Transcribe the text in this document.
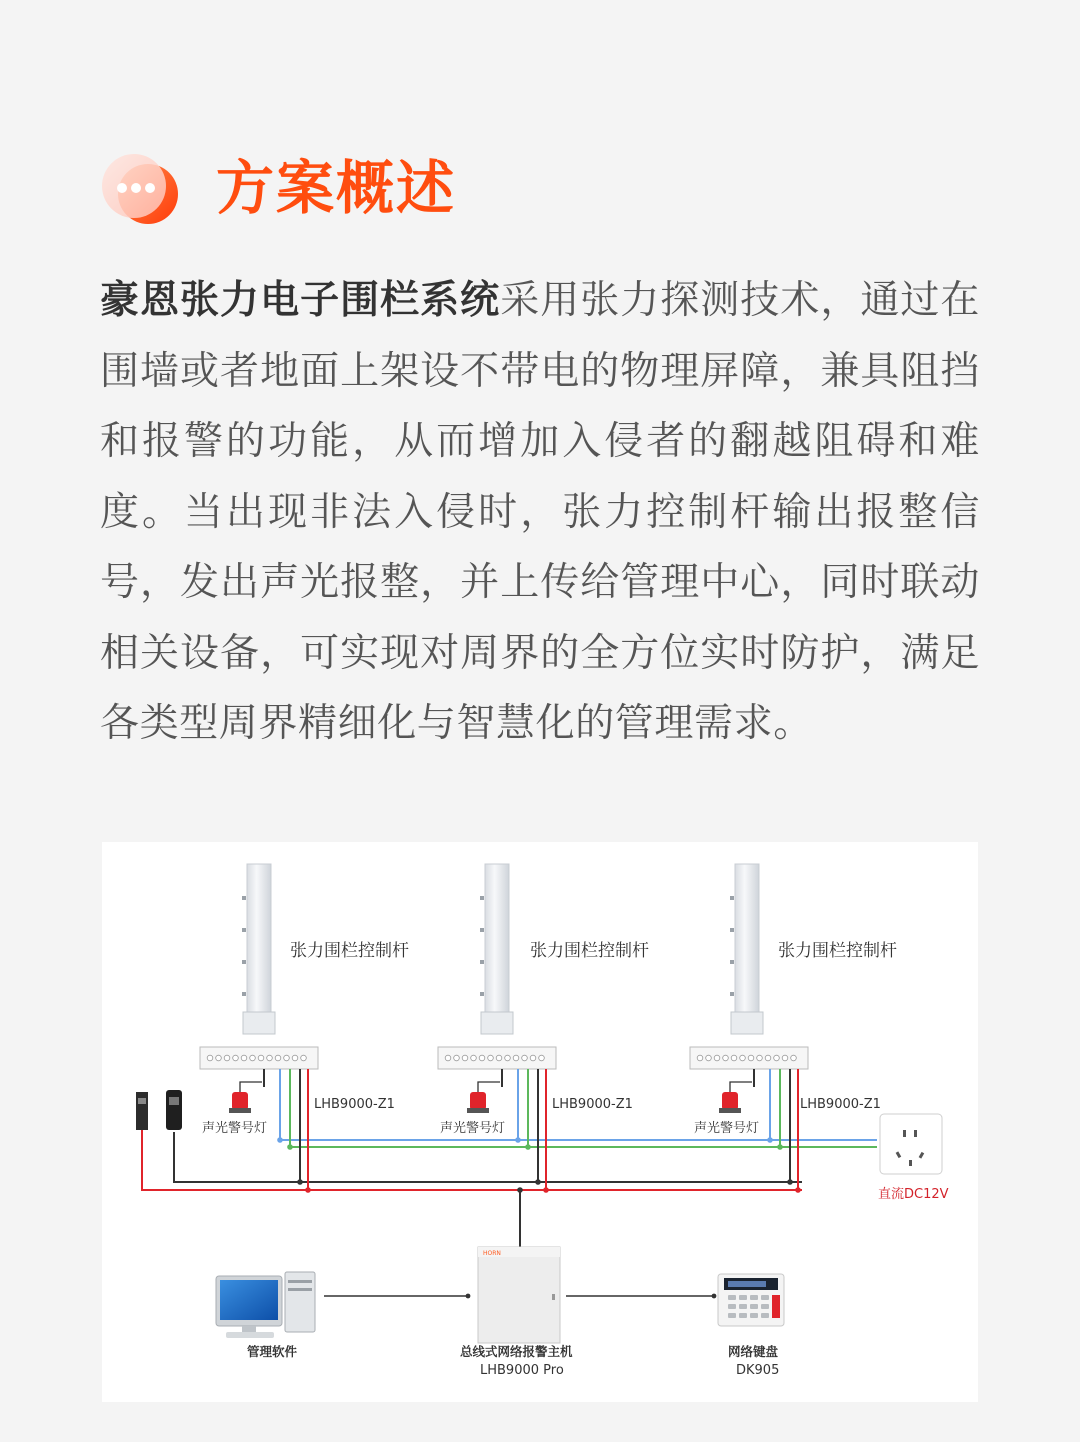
方案概述
豪恩张力电子围栏系统采用张力探测技术，通过在围墙或者地面上架设不带电的物理屏障，兼具阻挡和报警的功能，从而增加入侵者的翻越阻碍和难度。当出现非法入侵时，张力控制杆输出报整信号，发出声光报整，并上传给管理中心，同时联动相关设备，可实现对周界的全方位实时防护，满足各类型周界精细化与智慧化的管理需求。
张力围栏控制杆
声光警号灯
LHB9000-Z1
张力围栏控制杆
声光警号灯
LHB9000-Z1
张力围栏控制杆
声光警号灯
LHB9000-Z1
直流DC12V
管理软件
HORN
总线式网络报警主机
LHB9000 Pro
网络键盘
DK905
